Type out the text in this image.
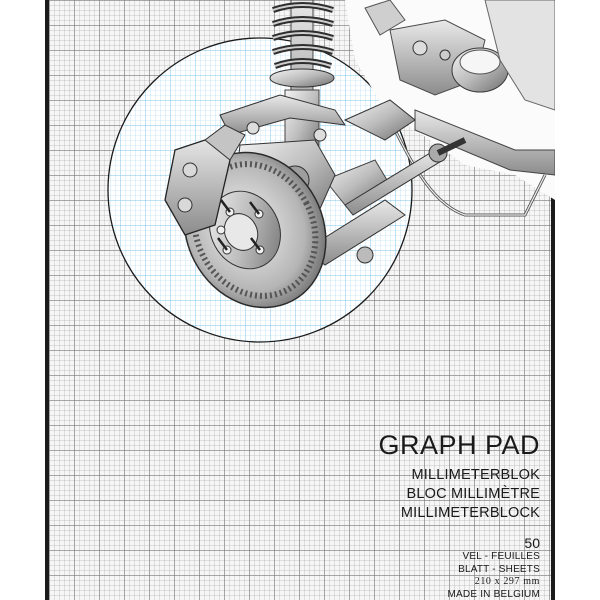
GRAPH PAD
MILLIMETERBLOK
BLOC MILLIMÈTRE
MILLIMETERBLOCK
50
VEL - FEUILLES
BLATT - SHEETS
210 x 297 mm
MADE IN BELGIUM
